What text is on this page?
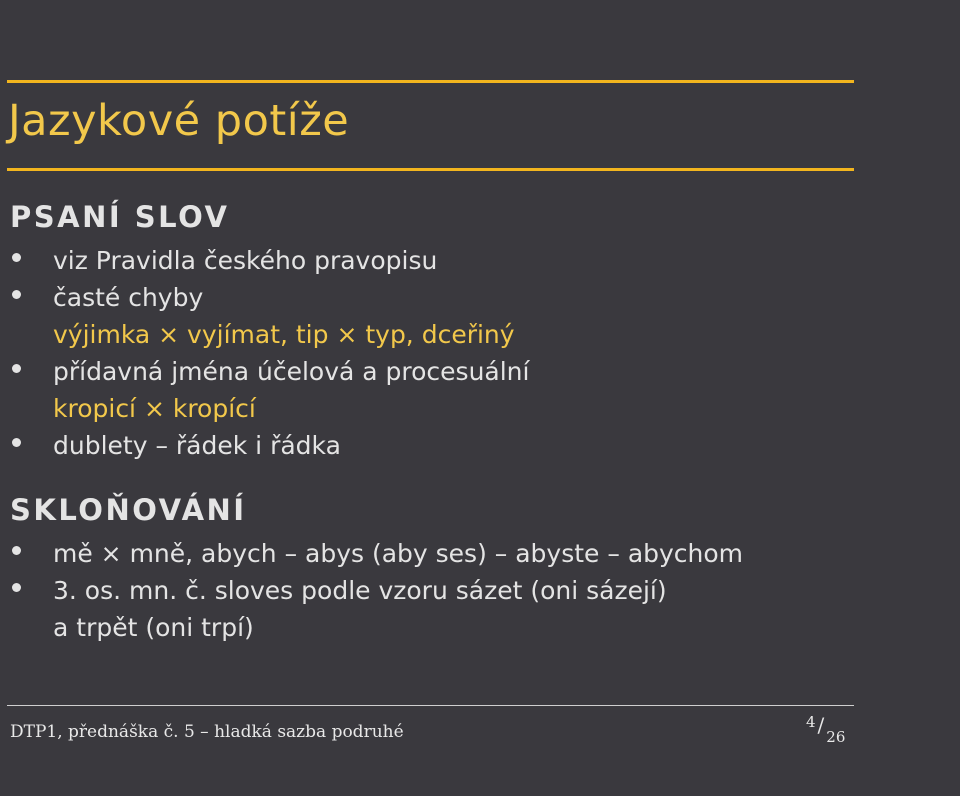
Jazykové potíže
PSANÍ SLOV
viz Pravidla českého pravopisu
časté chyby
výjimka × vyjímat, tip × typ, dceřiný
přídavná jména účelová a procesuální
kropicí × kropící
dublety – řádek i řádka
SKLOŇOVÁNÍ
mě × mně, abych – abys (aby ses) – abyste – abychom
3. os. mn. č. sloves podle vzoru sázet (oni sázejí)
a trpět (oni trpí)
DTP1, přednáška č. 5 – hladká sazba podruhé	4 / 26
